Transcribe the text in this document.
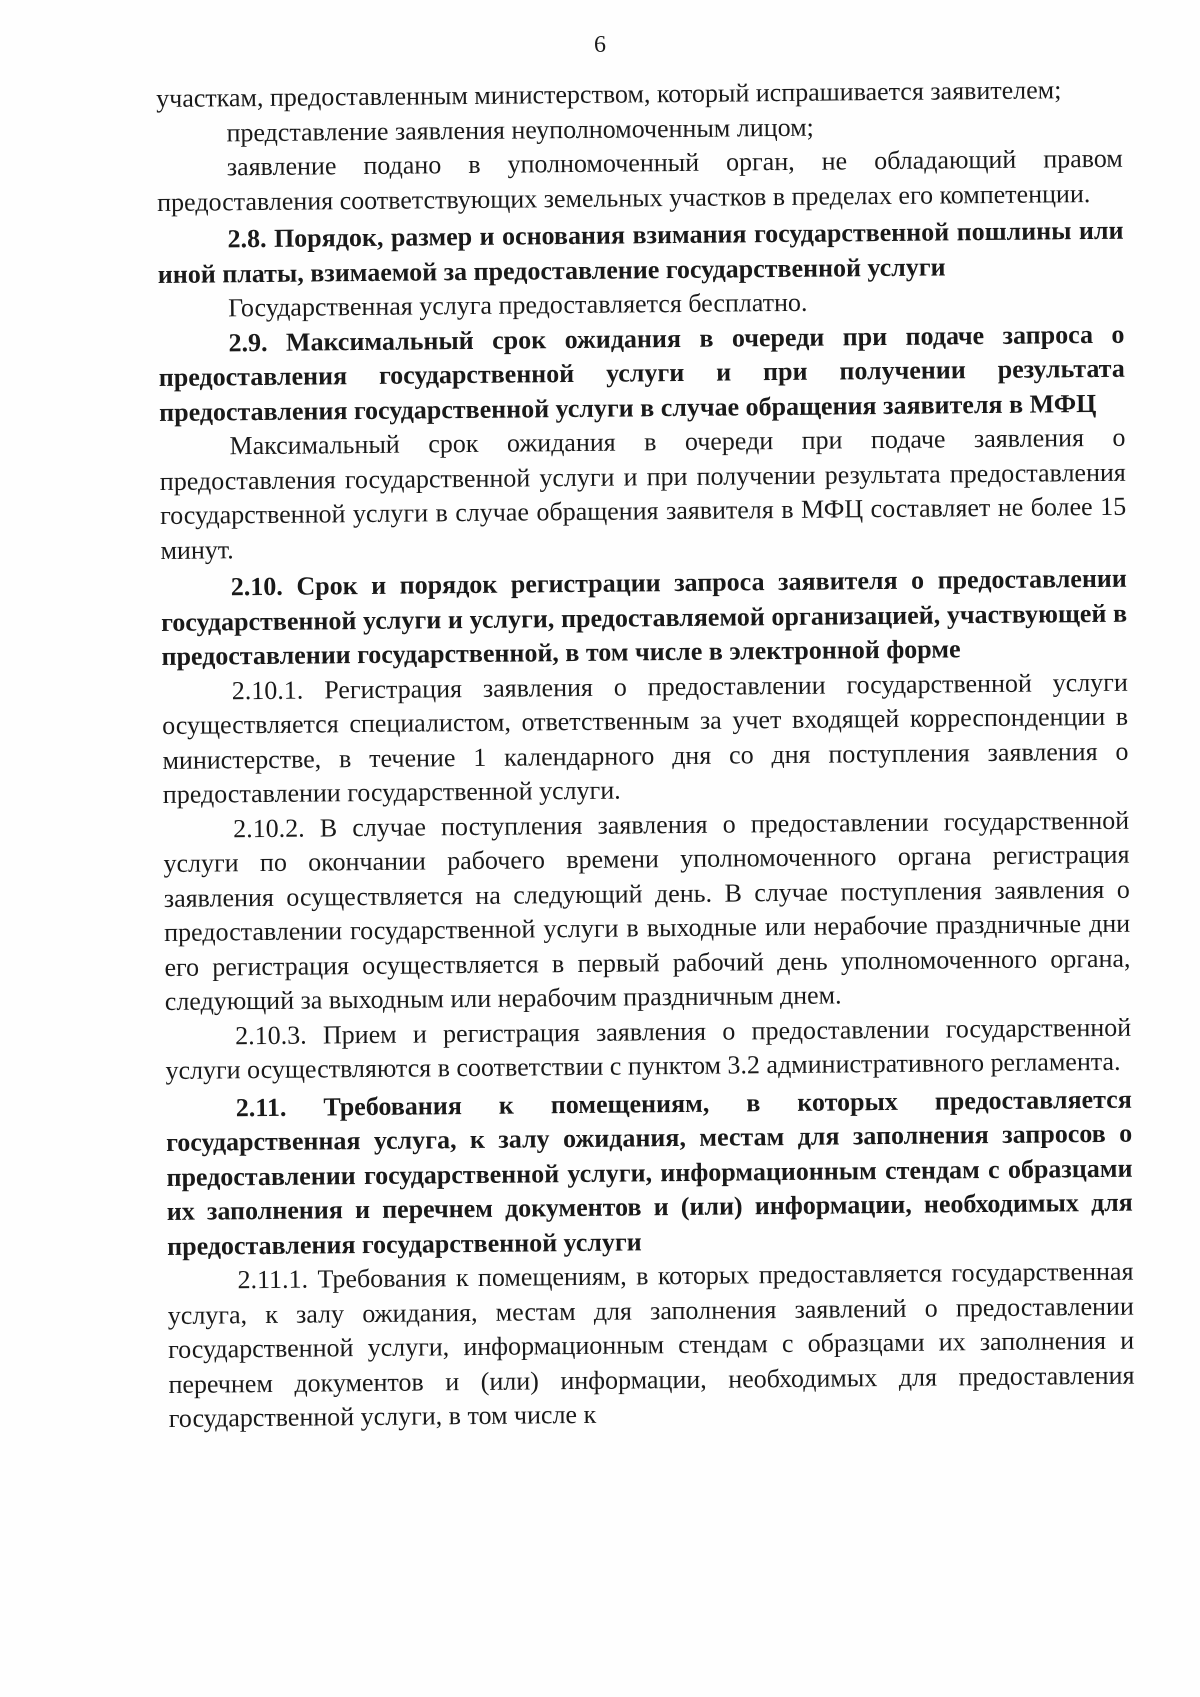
6

участкам, предоставленным министерством, который испрашивается заявителем;

представление заявления неуполномоченным лицом;

заявление подано в уполномоченный орган, не обладающий правом предоставления соответствующих земельных участков в пределах его компетенции.

2.8. Порядок, размер и основания взимания государственной пошлины или иной платы, взимаемой за предоставление государственной услуги

Государственная услуга предоставляется бесплатно.

2.9. Максимальный срок ожидания в очереди при подаче запроса о предоставления государственной услуги и при получении результата предоставления государственной услуги в случае обращения заявителя в МФЦ

Максимальный срок ожидания в очереди при подаче заявления о предоставления государственной услуги и при получении результата предоставления государственной услуги в случае обращения заявителя в МФЦ составляет не более 15 минут.

2.10. Срок и порядок регистрации запроса заявителя о предоставлении государственной услуги и услуги, предоставляемой организацией, участвующей в предоставлении государственной, в том числе в электронной форме

2.10.1. Регистрация заявления о предоставлении государственной услуги осуществляется специалистом, ответственным за учет входящей корреспонденции в министерстве, в течение 1 календарного дня со дня поступления заявления о предоставлении государственной услуги.

2.10.2. В случае поступления заявления о предоставлении государственной услуги по окончании рабочего времени уполномоченного органа регистрация заявления осуществляется на следующий день. В случае поступления заявления о предоставлении государственной услуги в выходные или нерабочие праздничные дни его регистрация осуществляется в первый рабочий день уполномоченного органа, следующий за выходным или нерабочим праздничным днем.

2.10.3. Прием и регистрация заявления о предоставлении государственной услуги осуществляются в соответствии с пунктом 3.2 административного регламента.

2.11. Требования к помещениям, в которых предоставляется государственная услуга, к залу ожидания, местам для заполнения запросов о предоставлении государственной услуги, информационным стендам с образцами их заполнения и перечнем документов и (или) информации, необходимых для предоставления государственной услуги

2.11.1. Требования к помещениям, в которых предоставляется государственная услуга, к залу ожидания, местам для заполнения заявлений о предоставлении государственной услуги, информационным стендам с образцами их заполнения и перечнем документов и (или) информации, необходимых для предоставления государственной услуги, в том числе к
